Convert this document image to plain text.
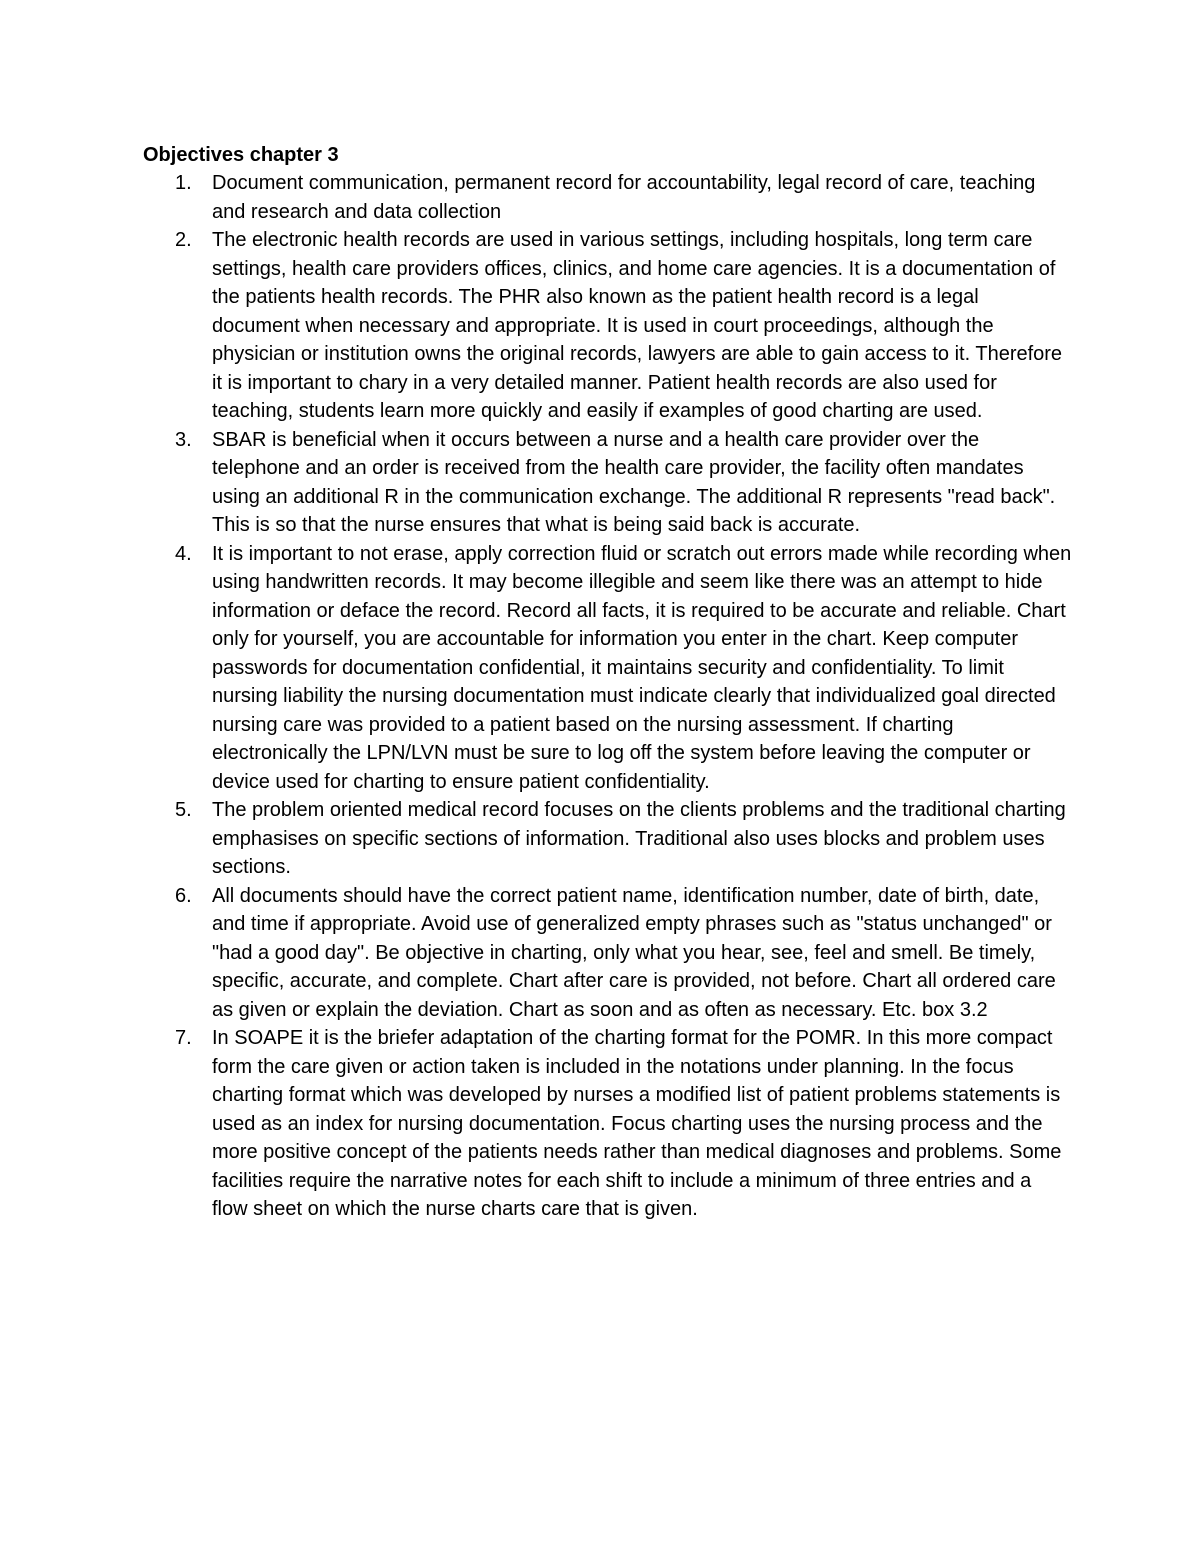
Objectives chapter 3
1.	Document communication, permanent record for accountability, legal record of care, teaching and research and data collection
2.	The electronic health records are used in various settings, including hospitals, long term care settings, health care providers offices, clinics, and home care agencies. It is a documentation of the patients health records. The PHR also known as the patient health record is a legal document when necessary and appropriate. It is used in court proceedings, although the physician or institution owns the original records, lawyers are able to gain access to it. Therefore it is important to chary in a very detailed manner. Patient health records are also used for teaching, students learn more quickly and easily if examples of good charting are used.
3.	SBAR is beneficial when it occurs between a nurse and a health care provider over the telephone and an order is received from the health care provider, the facility often mandates using an additional R in the communication exchange. The additional R represents "read back". This is so that the nurse ensures that what is being said back is accurate.
4.	It is important to not erase, apply correction fluid or scratch out errors made while recording when using handwritten records. It may become illegible and seem like there was an attempt to hide information or deface the record. Record all facts, it is required to be accurate and reliable. Chart only for yourself, you are accountable for information you enter in the chart. Keep computer passwords for documentation confidential, it maintains security and confidentiality. To limit nursing liability the nursing documentation must indicate clearly that individualized goal directed nursing care was provided to a patient based on the nursing assessment. If charting electronically the LPN/LVN must be sure to log off the system before leaving the computer or device used for charting to ensure patient confidentiality.
5.	The problem oriented medical record focuses on the clients problems and the traditional charting emphasises on specific sections of information. Traditional also uses blocks and problem uses sections.
6.	All documents should have the correct patient name, identification number, date of birth, date, and time if appropriate. Avoid use of generalized empty phrases such as "status unchanged" or "had a good day". Be objective in charting, only what you hear, see, feel and smell. Be timely, specific, accurate, and complete. Chart after care is provided, not before. Chart all ordered care as given or explain the deviation. Chart as soon and as often as necessary. Etc. box 3.2
7.	In SOAPE it is the briefer adaptation of the charting format for the POMR. In this more compact form the care given or action taken is included in the notations under planning. In the focus charting format which was developed by nurses a modified list of patient problems statements is used as an index for nursing documentation. Focus charting uses the nursing process and the more positive concept of the patients needs rather than medical diagnoses and problems. Some facilities require the narrative notes for each shift to include a minimum of three entries and a flow sheet on which the nurse charts care that is given.
